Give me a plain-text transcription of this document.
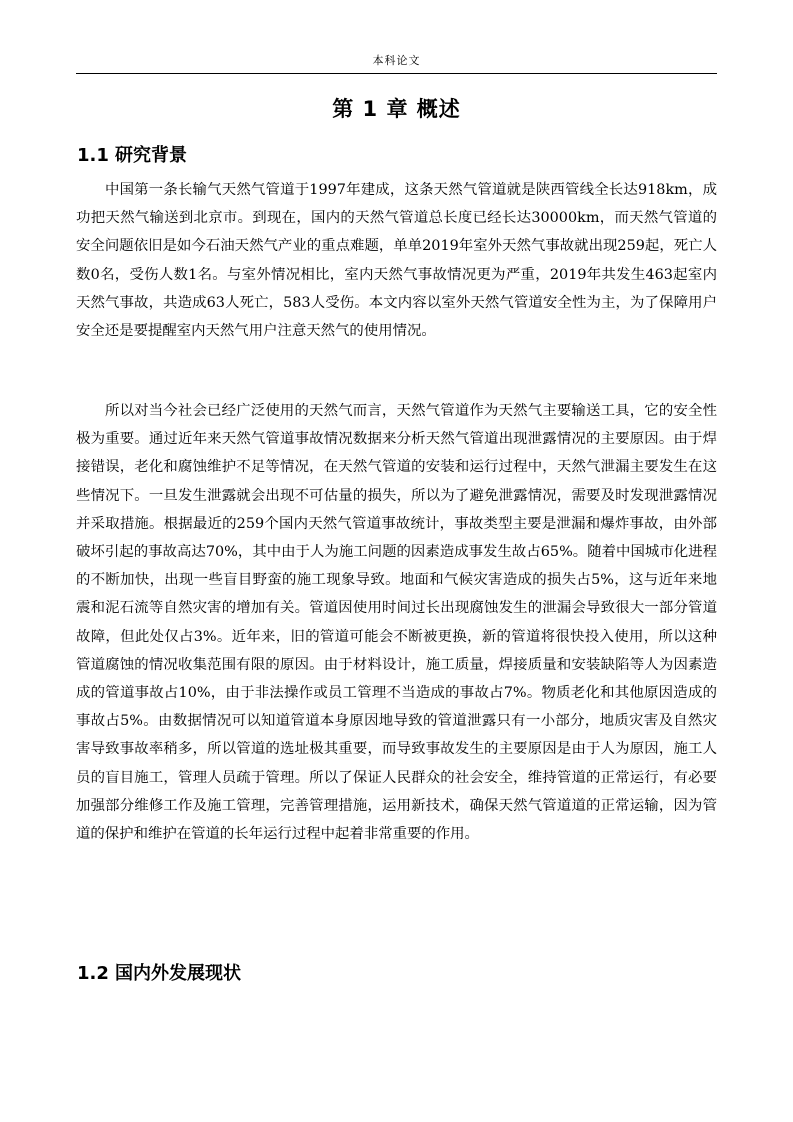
本科论文
第 1 章 概述
1.1 研究背景

中国第一条长输气天然气管道于1997年建成，这条天然气管道就是陕西管线全长达918km，成功把天然气输送到北京市。到现在，国内的天然气管道总长度已经长达30000km，而天然气管道的安全问题依旧是如今石油天然气产业的重点难题，单单2019年室外天然气事故就出现259起，死亡人数0名，受伤人数1名。与室外情况相比，室内天然气事故情况更为严重，2019年共发生463起室内天然气事故，共造成63人死亡，583人受伤。本文内容以室外天然气管道安全性为主，为了保障用户安全还是要提醒室内天然气用户注意天然气的使用情况。

所以对当今社会已经广泛使用的天然气而言，天然气管道作为天然气主要输送工具，它的安全性极为重要。通过近年来天然气管道事故情况数据来分析天然气管道出现泄露情况的主要原因。由于焊接错误，老化和腐蚀维护不足等情况，在天然气管道的安装和运行过程中，天然气泄漏主要发生在这些情况下。一旦发生泄露就会出现不可估量的损失，所以为了避免泄露情况，需要及时发现泄露情况并采取措施。根据最近的259个国内天然气管道事故统计，事故类型主要是泄漏和爆炸事故，由外部破坏引起的事故高达70%，其中由于人为施工问题的因素造成事发生故占65%。随着中国城市化进程的不断加快，出现一些盲目野蛮的施工现象导致。地面和气候灾害造成的损失占5%，这与近年来地震和泥石流等自然灾害的增加有关。管道因使用时间过长出现腐蚀发生的泄漏会导致很大一部分管道故障，但此处仅占3%。近年来，旧的管道可能会不断被更换，新的管道将很快投入使用，所以这种管道腐蚀的情况收集范围有限的原因。由于材料设计，施工质量，焊接质量和安装缺陷等人为因素造成的管道事故占10%，由于非法操作或员工管理不当造成的事故占7%。物质老化和其他原因造成的事故占5%。由数据情况可以知道管道本身原因地导致的管道泄露只有一小部分，地质灾害及自然灾害导致事故率稍多，所以管道的选址极其重要，而导致事故发生的主要原因是由于人为原因，施工人员的盲目施工，管理人员疏于管理。所以了保证人民群众的社会安全，维持管道的正常运行，有必要加强部分维修工作及施工管理，完善管理措施，运用新技术，确保天然气管道道的正常运输，因为管道的保护和维护在管道的长年运行过程中起着非常重要的作用。

1.2 国内外发展现状
